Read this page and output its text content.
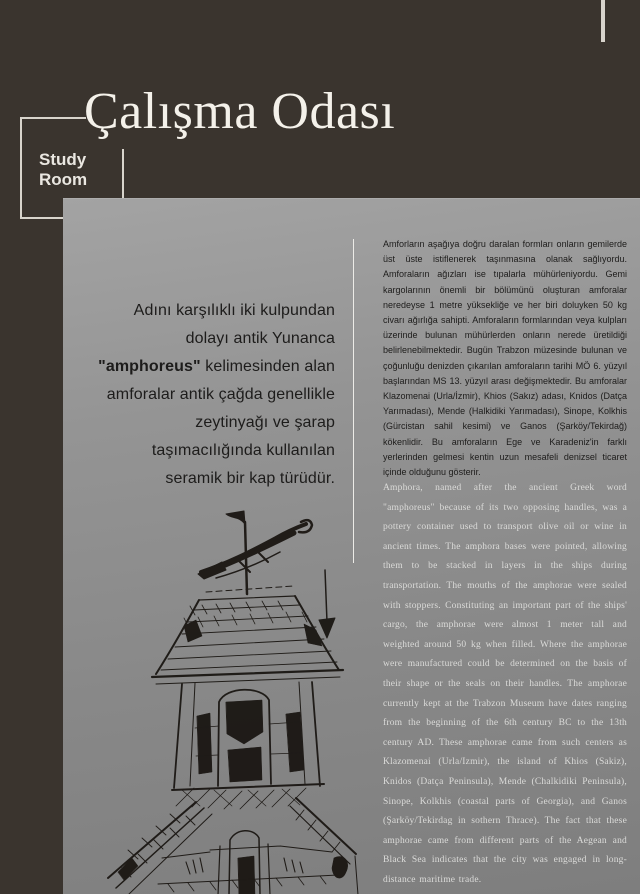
Çalışma Odası
Study
Room

Adını karşılıklı iki kulpundan dolayı antik Yunanca "amphoreus" kelimesinden alan amforalar antik çağda genellikle zeytinyağı ve şarap taşımacılığında kullanılan seramik bir kap türüdür.

Amforların aşağıya doğru daralan formları onların gemilerde üst üste istiflenerek taşınmasına olanak sağlıyordu. Amforaların ağızları ise tıpalarla mühürleniyordu. Gemi kargolarının önemli bir bölümünü oluşturan amforalar neredeyse 1 metre yüksekliğe ve her biri doluyken 50 kg civarı ağırlığa sahipti. Amforaların formlarından veya kulpları üzerinde bulunan mühürlerden onların nerede üretildiği belirlenebilmektedir. Bugün Trabzon müzesinde bulunan ve çoğunluğu denizden çıkarılan amforaların tarihi MÖ 6. yüzyıl başlarından MS 13. yüzyıl arası değişmektedir. Bu amforalar Klazomenai (Urla/İzmir), Khios (Sakız) adası, Knidos (Datça Yarımadası), Mende (Halkidiki Yarımadası), Sinope, Kolkhis (Gürcistan sahil kesimi) ve Ganos (Şarköy/Tekirdağ) kökenlidir. Bu amforaların Ege ve Karadeniz'in farklı yerlerinden gelmesi kentin uzun mesafeli denizsel ticaret içinde olduğunu gösterir.

Amphora, named after the ancient Greek word "amphoreus" because of its two opposing handles, was a pottery container used to transport olive oil or wine in ancient times. The amphora bases were pointed, allowing them to be stacked in layers in the ships during transportation. The mouths of the amphorae were sealed with stoppers. Constituting an important part of the ships' cargo, the amphorae were almost 1 meter tall and weighted around 50 kg when filled. Where the amphorae were manufactured could be determined on the basis of their shape or the seals on their handles. The amphorae currently kept at the Trabzon Museum have dates ranging from the beginning of the 6th century BC to the 13th century AD. These amphorae came from such centers as Klazomenai (Urla/Izmir), the island of Khios (Sakiz), Knidos (Datça Peninsula), Mende (Chalkidiki Peninsula), Sinope, Kolkhis (coastal parts of Georgia), and Ganos (Şarköy/Tekirdag in sothern Thrace). The fact that these amphorae came from different parts of the Aegean and Black Sea indicates that the city was engaged in long-distance maritime trade.
